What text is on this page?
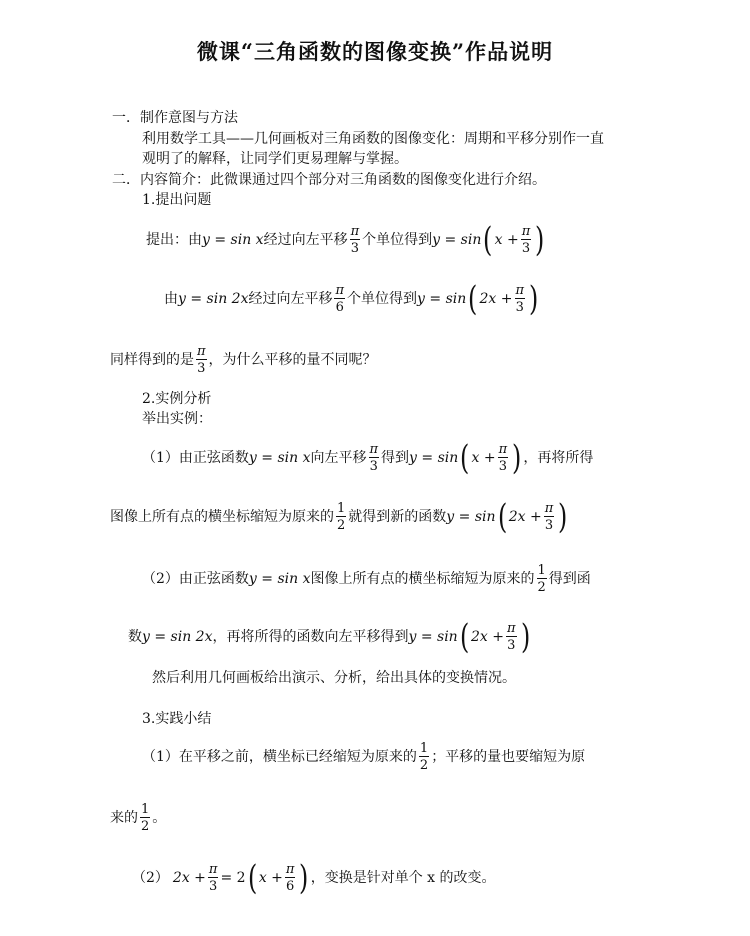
微课“三角函数的图像变换”作品说明
一．制作意图与方法
利用数学工具——几何画板对三角函数的图像变化：周期和平移分别作一直
观明了的解释，让同学们更易理解与掌握。
二．内容简介：此微课通过四个部分对三角函数的图像变化进行介绍。
1.提出问题
提出：由 y = sin x 经过向左平移 $\frac{\pi}{3}$ 个单位得到 y = sin ( $x + \frac{\pi}{3}$ )
由 y = sin 2x 经过向左平移 $\frac{\pi}{6}$ 个单位得到 y = sin ( $2x + \frac{\pi}{3}$ )
同样得到的是 $\frac{\pi}{3}$ ，为什么平移的量不同呢？
2.实例分析
举出实例：
（1）由正弦函数 y = sin x 向左平移 $\frac{\pi}{3}$ 得到 y = sin ( $x + \frac{\pi}{3}$ ) ，再将所得
图像上所有点的横坐标缩短为原来的 $\frac{1}{2}$ 就得到新的函数 y = sin ( $2x + \frac{\pi}{3}$ )
（2）由正弦函数 y = sin x 图像上所有点的横坐标缩短为原来的 $\frac{1}{2}$ 得到函
数 y = sin 2x ，再将所得的函数向左平移得到 y = sin ( $2x + \frac{\pi}{3}$ )
然后利用几何画板给出演示、分析，给出具体的变换情况。
3.实践小结
（1）在平移之前，横坐标已经缩短为原来的 $\frac{1}{2}$ ；平移的量也要缩短为原
来的 $\frac{1}{2}$ 。
（2） $2x + \frac{\pi}{3} = 2$ ( $x + \frac{\pi}{6}$ ) ，变换是针对单个 x 的改变。
